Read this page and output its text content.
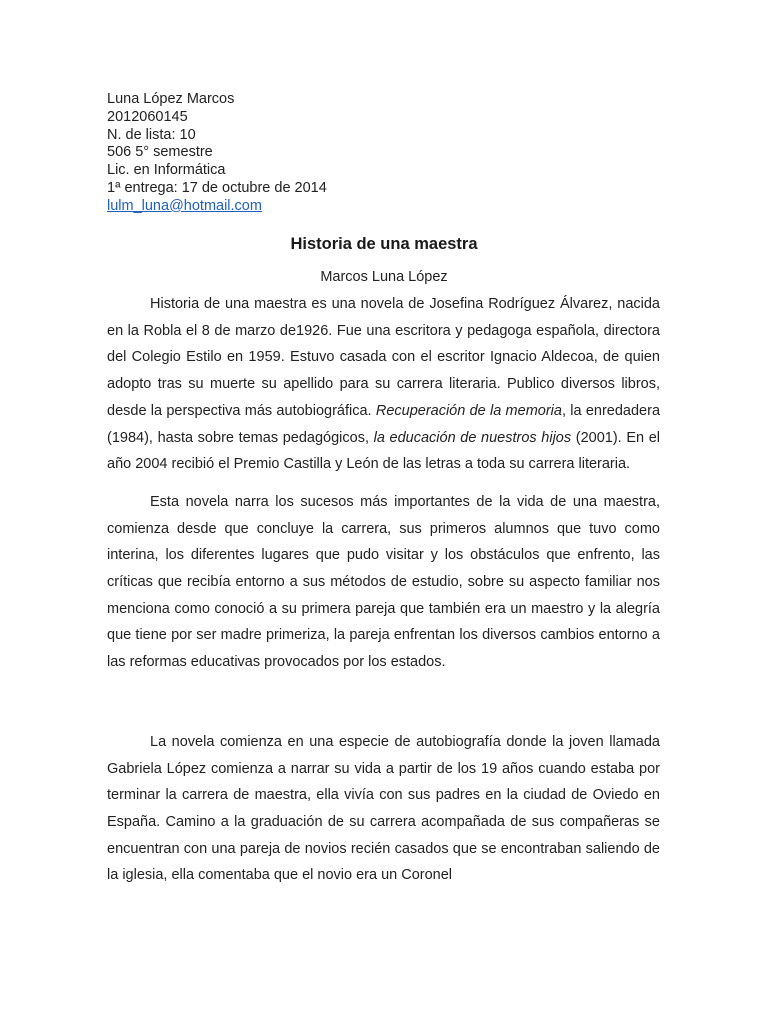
Luna López Marcos
2012060145
N. de lista: 10
506 5° semestre
Lic. en Informática
1ª entrega: 17 de octubre de 2014
lulm_luna@hotmail.com
Historia de una maestra
Marcos Luna López

Historia de una maestra es una novela de Josefina Rodríguez Álvarez, nacida en la Robla el 8 de marzo de1926. Fue una escritora y pedagoga española, directora del Colegio Estilo en 1959. Estuvo casada con el escritor Ignacio Aldecoa, de quien adopto tras su muerte su apellido para su carrera literaria. Publico diversos libros, desde la perspectiva más autobiográfica. Recuperación de la memoria, la enredadera (1984), hasta sobre temas pedagógicos, la educación de nuestros hijos (2001). En el año 2004 recibió el Premio Castilla y León de las letras a toda su carrera literaria.

Esta novela narra los sucesos más importantes de la vida de una maestra, comienza desde que concluye la carrera, sus primeros alumnos que tuvo como interina, los diferentes lugares que pudo visitar y los obstáculos que enfrento, las críticas que recibía entorno a sus métodos de estudio, sobre su aspecto familiar nos menciona como conoció a su primera pareja que también era un maestro y la alegría que tiene por ser madre primeriza, la pareja enfrentan los diversos cambios entorno a las reformas educativas provocados por los estados.

La novela comienza en una especie de autobiografía donde la joven llamada Gabriela López comienza a narrar su vida a partir de los 19 años cuando estaba por terminar la carrera de maestra, ella vivía con sus padres en la ciudad de Oviedo en España. Camino a la graduación de su carrera acompañada de sus compañeras se encuentran con una pareja de novios recién casados que se encontraban saliendo de la iglesia, ella comentaba que el novio era un Coronel
